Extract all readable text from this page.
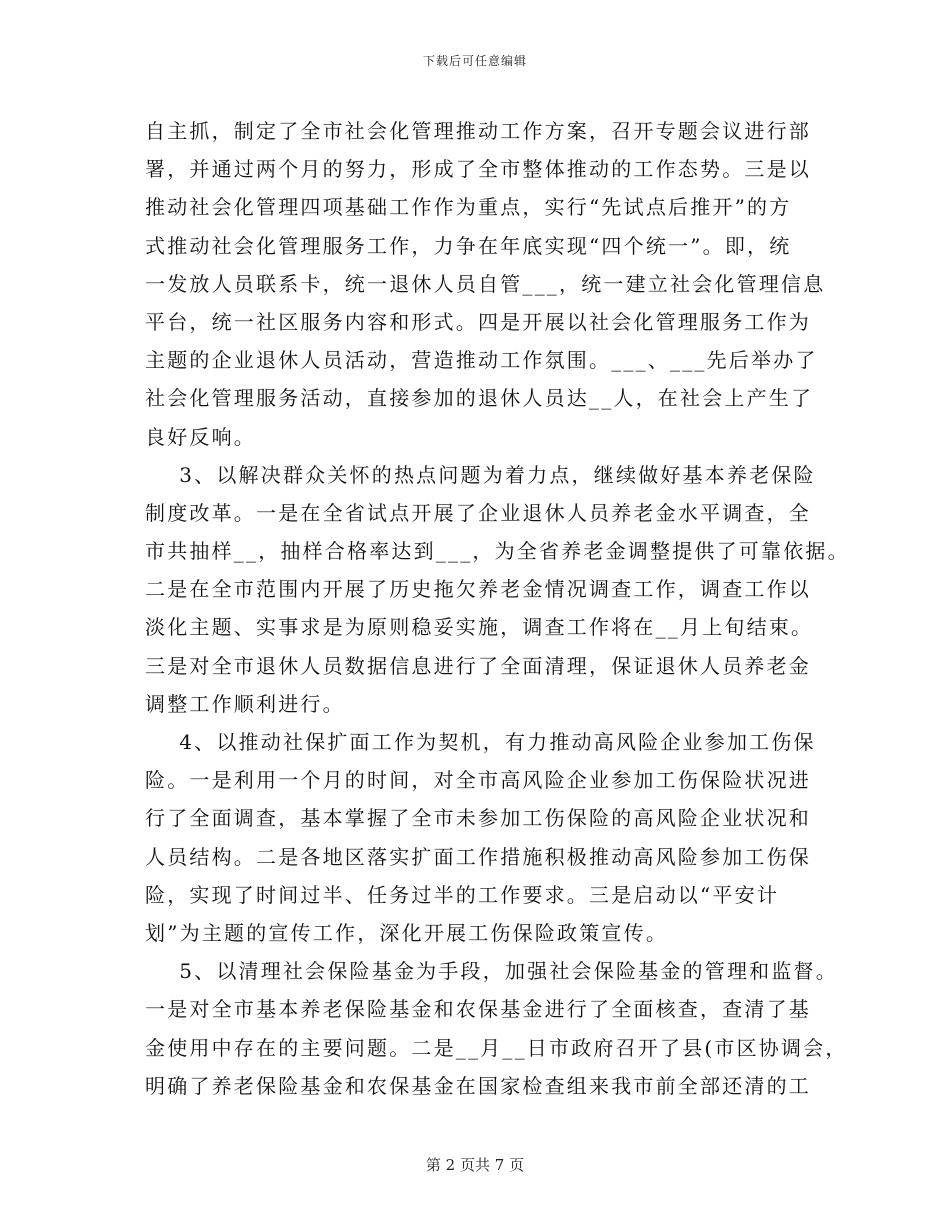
下载后可任意编辑
自主抓，制定了全市社会化管理推动工作方案，召开专题会议进行部
署，并通过两个月的努力，形成了全市整体推动的工作态势。三是以
推动社会化管理四项基础工作作为重点，实行“先试点后推开”的方
式推动社会化管理服务工作，力争在年底实现“四个统一”。即，统
一发放人员联系卡，统一退休人员自管___，统一建立社会化管理信息
平台，统一社区服务内容和形式。四是开展以社会化管理服务工作为
主题的企业退休人员活动，营造推动工作氛围。___、___先后举办了
社会化管理服务活动，直接参加的退休人员达__人，在社会上产生了
良好反响。
3、以解决群众关怀的热点问题为着力点，继续做好基本养老保险
制度改革。一是在全省试点开展了企业退休人员养老金水平调查，全
市共抽样__，抽样合格率达到___，为全省养老金调整提供了可靠依据。
二是在全市范围内开展了历史拖欠养老金情况调查工作，调查工作以
淡化主题、实事求是为原则稳妥实施，调查工作将在__月上旬结束。
三是对全市退休人员数据信息进行了全面清理，保证退休人员养老金
调整工作顺利进行。
4、以推动社保扩面工作为契机，有力推动高风险企业参加工伤保
险。一是利用一个月的时间，对全市高风险企业参加工伤保险状况进
行了全面调查，基本掌握了全市未参加工伤保险的高风险企业状况和
人员结构。二是各地区落实扩面工作措施积极推动高风险参加工伤保
险，实现了时间过半、任务过半的工作要求。三是启动以“平安计
划”为主题的宣传工作，深化开展工伤保险政策宣传。
5、以清理社会保险基金为手段，加强社会保险基金的管理和监督。
一是对全市基本养老保险基金和农保基金进行了全面核查，查清了基
金使用中存在的主要问题。二是__月__日市政府召开了县(市区协调会，
明确了养老保险基金和农保基金在国家检查组来我市前全部还清的工
第 2 页共 7 页
